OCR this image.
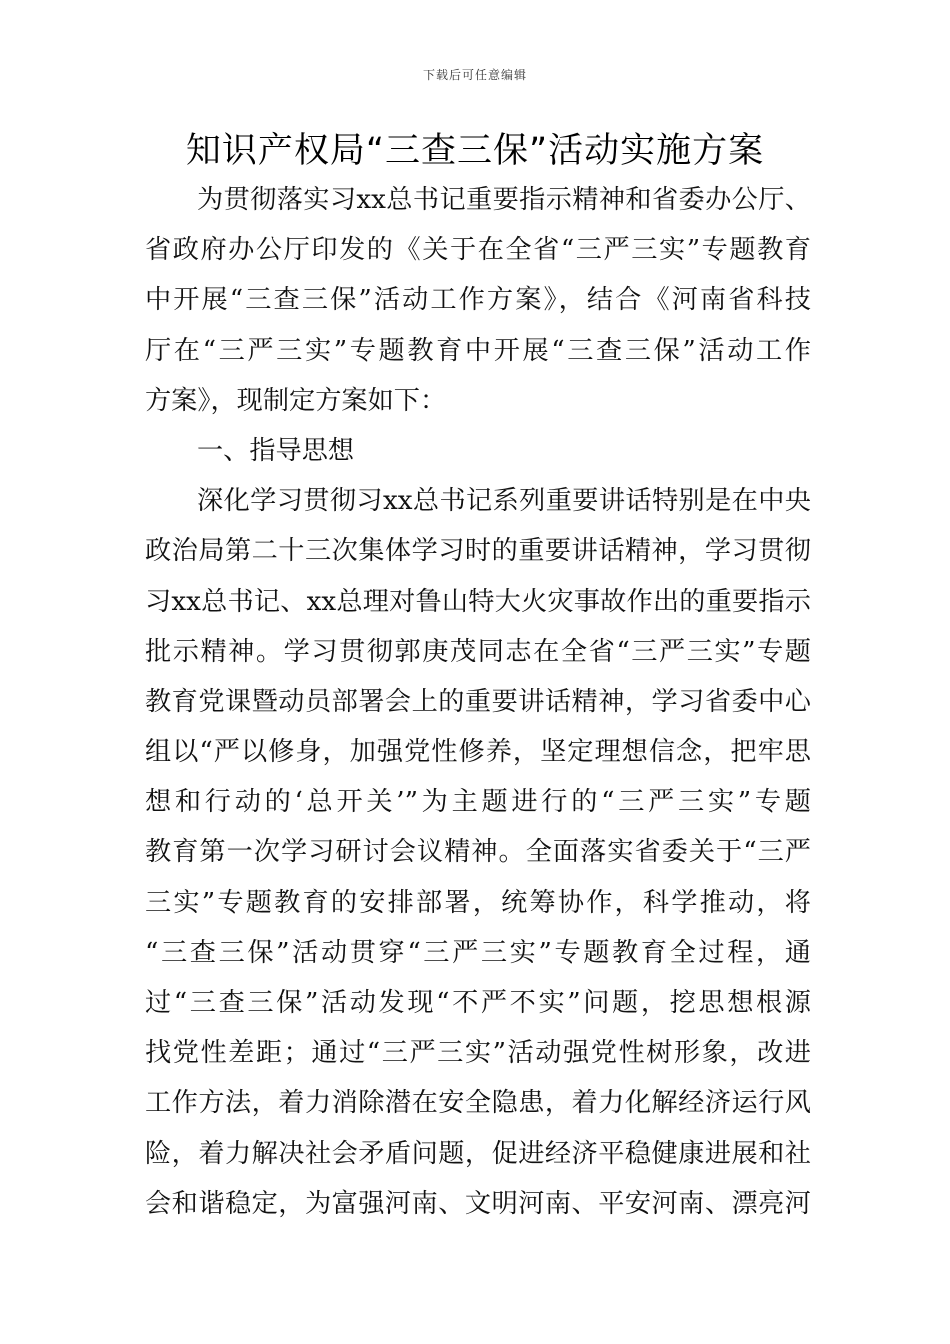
下载后可任意编辑
知识产权局“三查三保”活动实施方案
为贯彻落实习xx总书记重要指示精神和省委办公厅、
省政府办公厅印发的《关于在全省“三严三实”专题教育
中开展“三查三保”活动工作方案》，结合《河南省科技
厅在“三严三实”专题教育中开展“三查三保”活动工作
方案》，现制定方案如下：
一、指导思想
深化学习贯彻习xx总书记系列重要讲话特别是在中央
政治局第二十三次集体学习时的重要讲话精神，学习贯彻
习xx总书记、xx总理对鲁山特大火灾事故作出的重要指示
批示精神。学习贯彻郭庚茂同志在全省“三严三实”专题
教育党课暨动员部署会上的重要讲话精神，学习省委中心
组以“严以修身，加强党性修养，坚定理想信念，把牢思
想和行动的‘总开关’”为主题进行的“三严三实”专题
教育第一次学习研讨会议精神。全面落实省委关于“三严
三实”专题教育的安排部署，统筹协作，科学推动，将
“三查三保”活动贯穿“三严三实”专题教育全过程，通
过“三查三保”活动发现“不严不实”问题，挖思想根源
找党性差距；通过“三严三实”活动强党性树形象，改进
工作方法，着力消除潜在安全隐患，着力化解经济运行风
险，着力解决社会矛盾问题，促进经济平稳健康进展和社
会和谐稳定，为富强河南、文明河南、平安河南、漂亮河
